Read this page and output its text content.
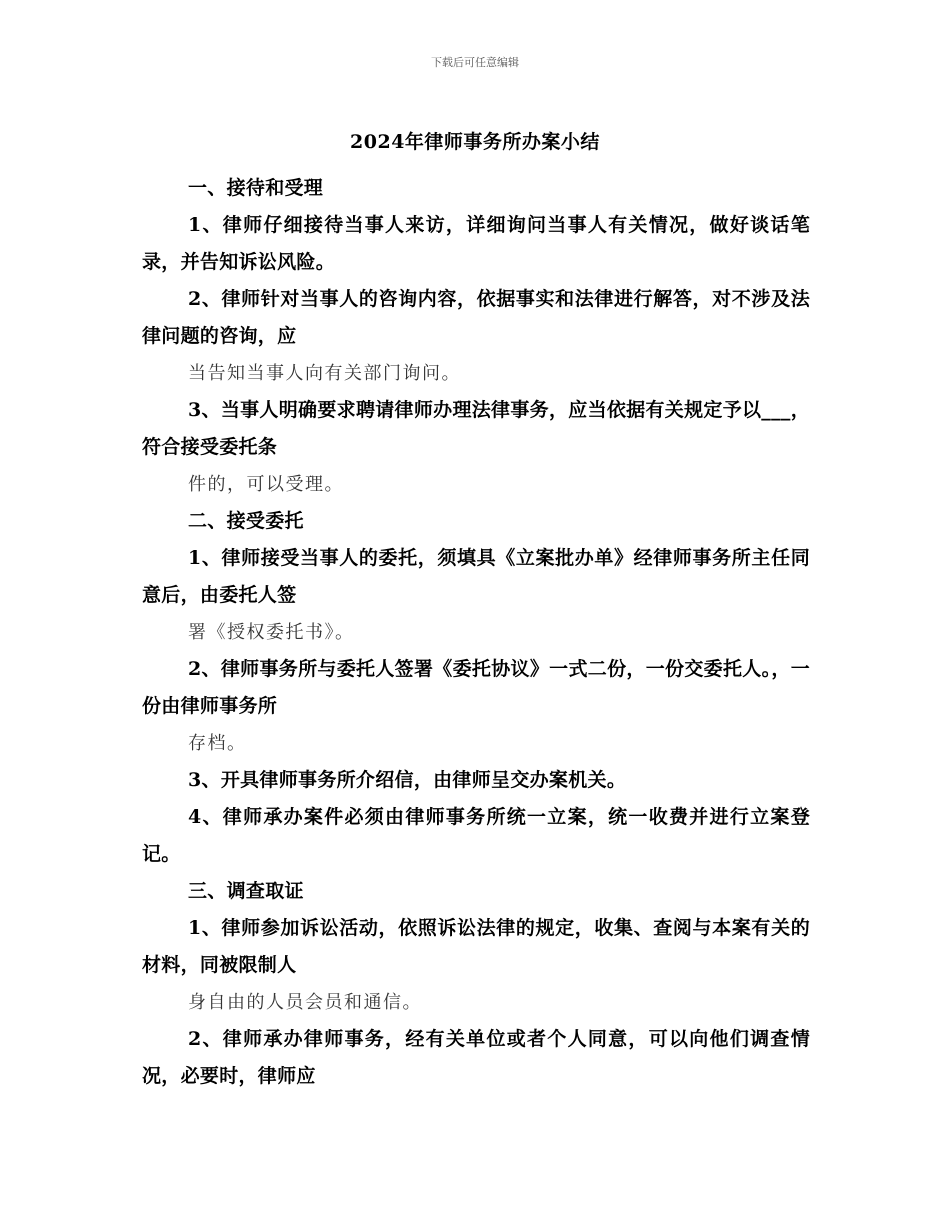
下载后可任意编辑
2024年律师事务所办案小结

一、接待和受理

1、律师仔细接待当事人来访，详细询问当事人有关情况，做好谈话笔录，并告知诉讼风险。

2、律师针对当事人的咨询内容，依据事实和法律进行解答，对不涉及法律问题的咨询，应

当告知当事人向有关部门询问。

3、当事人明确要求聘请律师办理法律事务，应当依据有关规定予以___，符合接受委托条

件的，可以受理。

二、接受委托

1、律师接受当事人的委托，须填具《立案批办单》经律师事务所主任同意后，由委托人签

署《授权委托书》。

2、律师事务所与委托人签署《委托协议》一式二份，一份交委托人。，一份由律师事务所

存档。

3、开具律师事务所介绍信，由律师呈交办案机关。

4、律师承办案件必须由律师事务所统一立案，统一收费并进行立案登记。

三、调查取证

1、律师参加诉讼活动，依照诉讼法律的规定，收集、查阅与本案有关的材料，同被限制人

身自由的人员会员和通信。

2、律师承办律师事务，经有关单位或者个人同意，可以向他们调查情况，必要时，律师应
